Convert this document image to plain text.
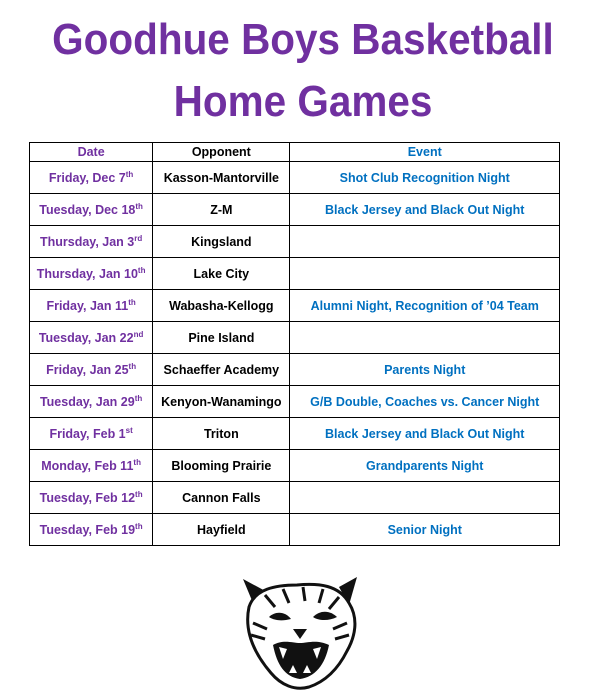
Goodhue Boys Basketball
Home Games
Date	Opponent	Event
Friday, Dec 7th	Kasson-Mantorville	Shot Club Recognition Night
Tuesday, Dec 18th	Z-M	Black Jersey and Black Out Night
Thursday, Jan 3rd	Kingsland	
Thursday, Jan 10th	Lake City	
Friday, Jan 11th	Wabasha-Kellogg	Alumni Night, Recognition of ’04 Team
Tuesday, Jan 22nd	Pine Island	
Friday, Jan 25th	Schaeffer Academy	Parents Night
Tuesday, Jan 29th	Kenyon-Wanamingo	G/B Double, Coaches vs. Cancer Night
Friday, Feb 1st	Triton	Black Jersey and Black Out Night
Monday, Feb 11th	Blooming Prairie	Grandparents Night
Tuesday, Feb 12th	Cannon Falls	
Tuesday, Feb 19th	Hayfield	Senior Night
